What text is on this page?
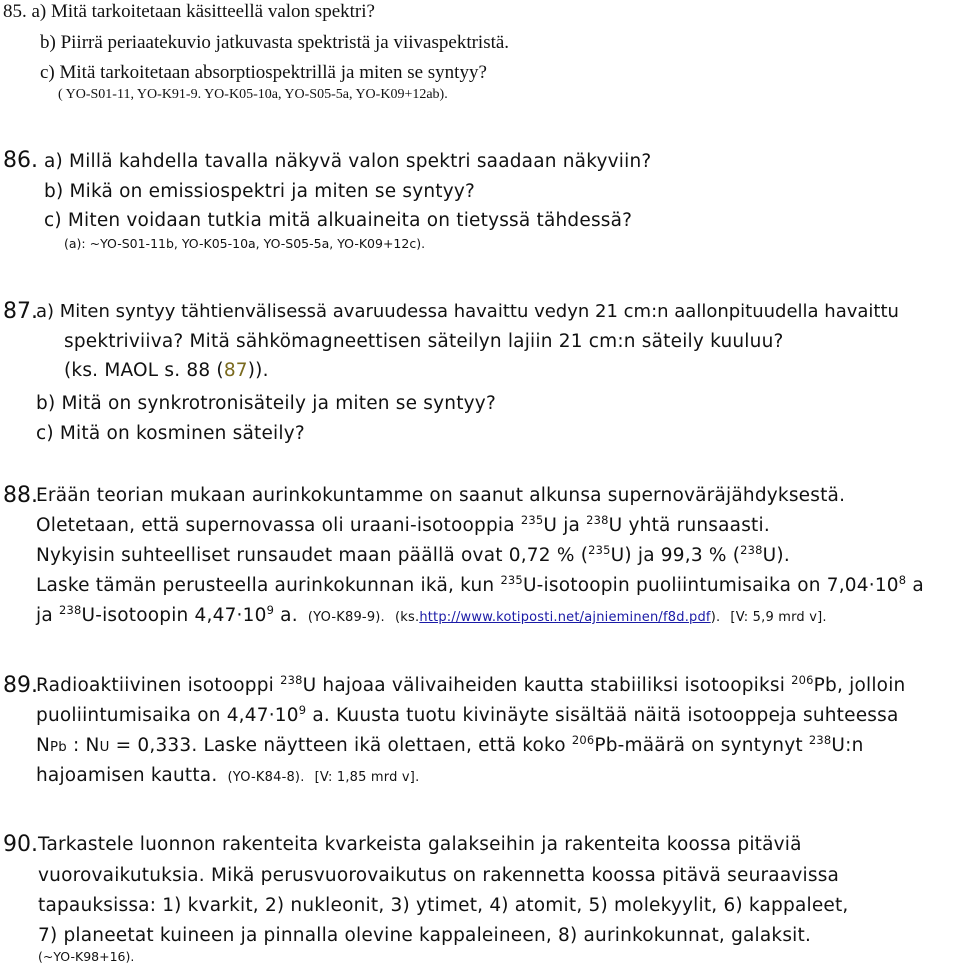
85. a) Mitä tarkoitetaan käsitteellä valon spektri?
b) Piirrä periaatekuvio jatkuvasta spektristä ja viivaspektristä.
c) Mitä tarkoitetaan absorptiospektrillä ja miten se syntyy?
( YO-S01-11, YO-K91-9. YO-K05-10a, YO-S05-5a, YO-K09+12ab).
86. a) Millä kahdella tavalla näkyvä valon spektri saadaan näkyviin?
b) Mikä on emissiospektri ja miten se syntyy?
c) Miten voidaan tutkia mitä alkuaineita on tietyssä tähdessä?
(a): ~YO-S01-11b, YO-K05-10a, YO-S05-5a, YO-K09+12c).
87.
a) Miten syntyy tähtienvälisessä avaruudessa havaittu vedyn 21 cm:n aallonpituudella havaittu
spektriviiva? Mitä sähkömagneettisen säteilyn lajiin 21 cm:n säteily kuuluu?
(ks. MAOL s. 88 (87)).
b) Mitä on synkrotronisäteily ja miten se syntyy?
c) Mitä on kosminen säteily?
88.
Erään teorian mukaan aurinkokuntamme on saanut alkunsa supernoväräjähdyksestä.
Oletetaan, että supernovassa oli uraani-isotooppia $^{235}$U ja $^{238}$U yhtä runsaasti.
Nykyisin suhteelliset runsaudet maan päällä ovat 0,72 % ($^{235}$U) ja 99,3 % ($^{238}$U).
Laske tämän perusteella aurinkokunnan ikä, kun $^{235}$U-isotoopin puoliintumisaika on $7,04\cdot 10^8$ a
ja $^{238}$U-isotoopin $4,47\cdot 10^9$ a. (YO-K89-9). (ks.http://www.kotiposti.net/ajnieminen/f8d.pdf). [V: 5,9 mrd v].
89.
Radioaktiivinen isotooppi $^{238}$U hajoaa välivaiheiden kautta stabiiliksi isotoopiksi $^{206}$Pb, jolloin
puoliintumisaika on $4,47\cdot 10^9$ a. Kuusta tuotu kivinäyte sisältää näitä isotooppeja suhteessa
NPb : NU = 0,333. Laske näytteen ikä olettaen, että koko $^{206}$Pb-määrä on syntynyt $^{238}$U:n
hajoamisen kautta. (YO-K84-8). [V: 1,85 mrd v].
90. Tarkastele luonnon rakenteita kvarkeista galakseihin ja rakenteita koossa pitäviä
vuorovaikutuksia. Mikä perusvuorovaikutus on rakennetta koossa pitävä seuraavissa
tapauksissa: 1) kvarkit, 2) nukleonit, 3) ytimet, 4) atomit, 5) molekyylit, 6) kappaleet,
7) planeetat kuineen ja pinnalla olevine kappaleineen, 8) aurinkokunnat, galaksit.
(~YO-K98+16).
